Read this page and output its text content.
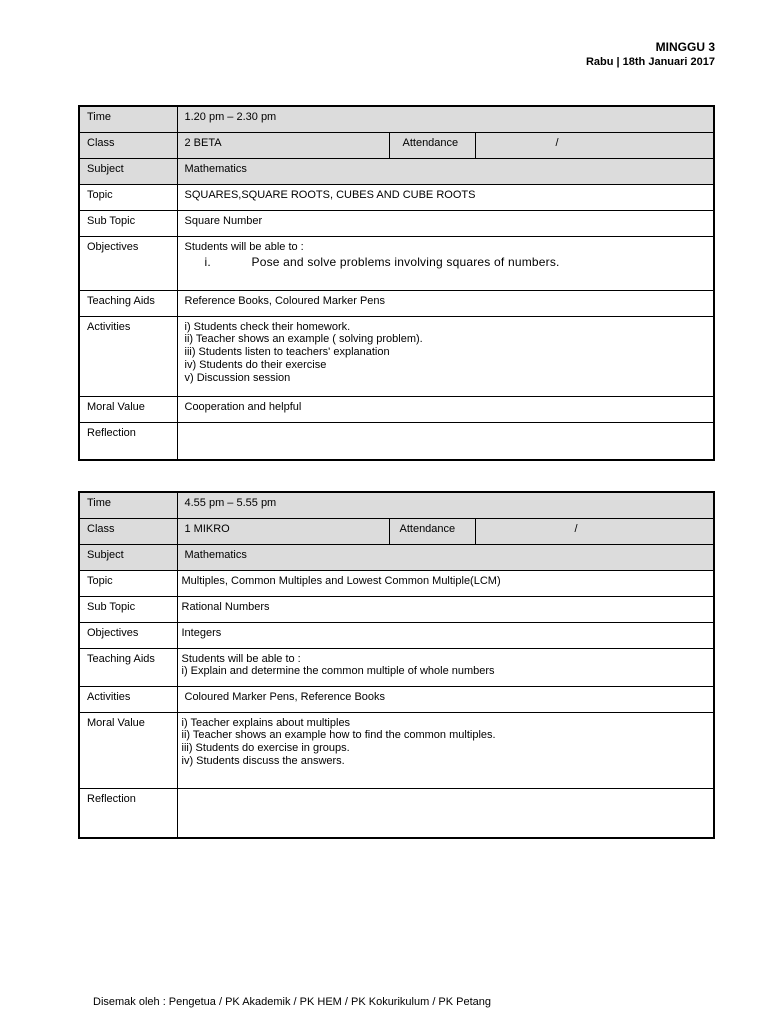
MINGGU 3
Rabu | 18th Januari 2017
Time	1.20 pm – 2.30 pm		
Class	2 BETA	Attendance	/
Subject	Mathematics		
Topic	SQUARES,SQUARE ROOTS, CUBES AND CUBE ROOTS		
Sub Topic	Square Number		
Objectives	Students will be able to :
i. Pose and solve problems involving squares of numbers.		

Teaching Aids	Reference Books, Coloured Marker Pens		
Activities	i) Students check their homework.
ii) Teacher shows an example ( solving problem).
iii) Students listen to teachers' explanation
iv) Students do their exercise
v) Discussion session		

Moral Value	Cooperation and helpful		
Reflection			
Time	4.55 pm – 5.55 pm		
Class	1 MIKRO	Attendance	/
Subject	Mathematics		
Topic	Multiples, Common Multiples and Lowest Common Multiple(LCM)		
Sub Topic	Rational Numbers		
Objectives	Integers		
Teaching Aids	Students will be able to :
i) Explain and determine the common multiple of whole numbers		

Activities	Coloured Marker Pens, Reference Books		
Moral Value	i) Teacher explains about multiples
ii) Teacher shows an example how to find the common multiples.
iii) Students do exercise in groups.
iv) Students discuss the answers.		

Reflection			
Disemak oleh : Pengetua / PK Akademik / PK HEM / PK Kokurikulum / PK Petang
